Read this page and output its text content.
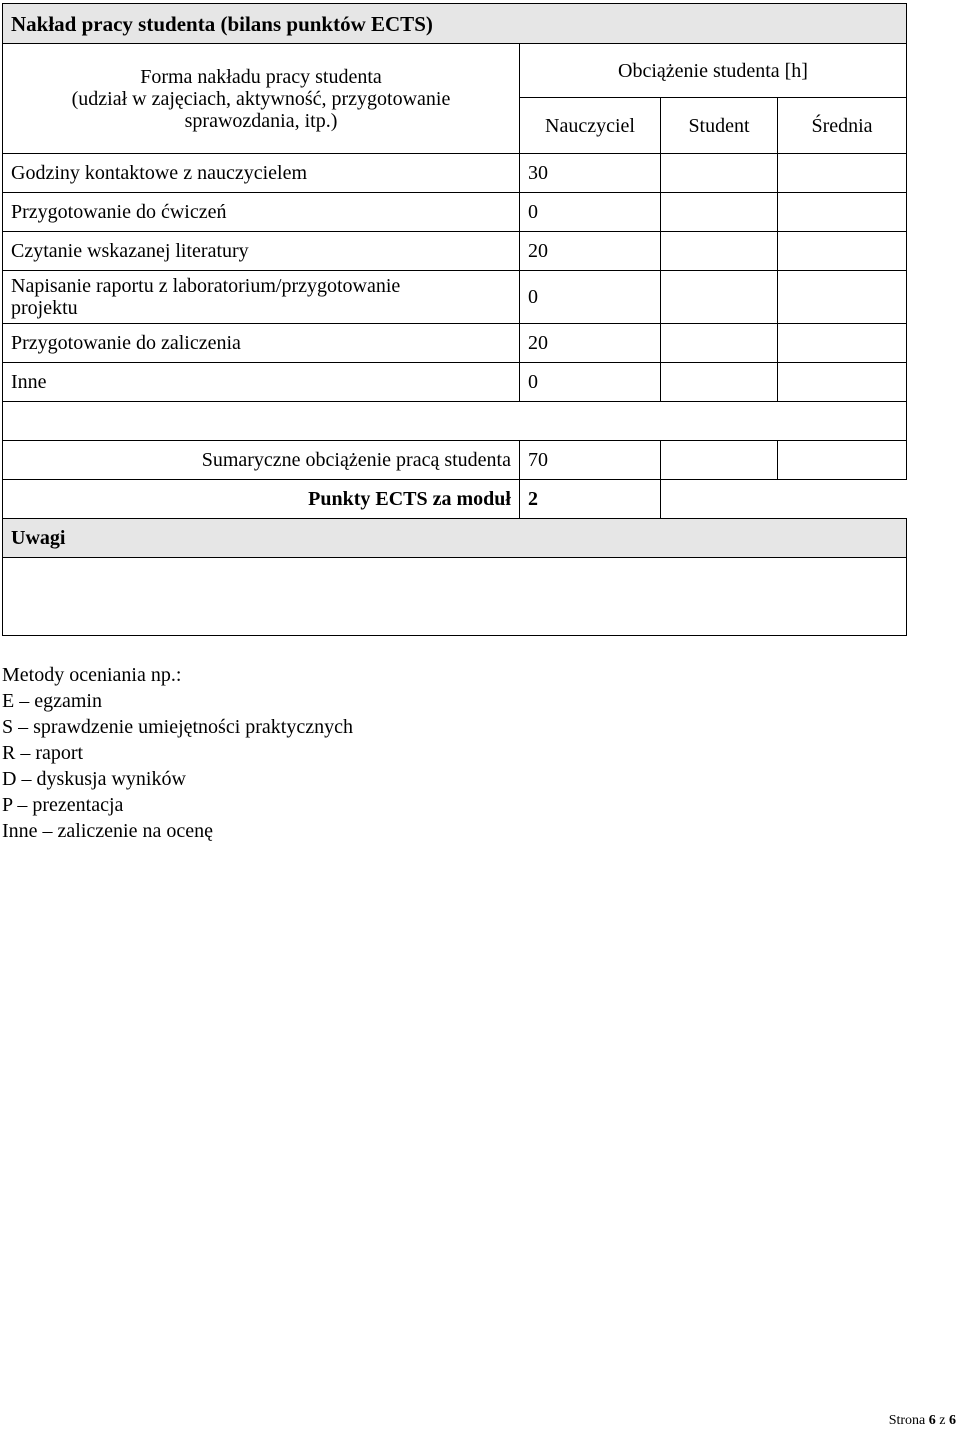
Nakład pracy studenta (bilans punktów ECTS)			

Forma nakładu pracy studenta
(udział w zajęciach, aktywność, przygotowanie
sprawozdania, itp.)	Obciążenie studenta [h]		
	Nauczyciel	Student	Średnia
Godziny kontaktowe z nauczycielem	30		
Przygotowanie do ćwiczeń	0		
Czytanie wskazanej literatury	20		
Napisanie raportu z laboratorium/przygotowanie projektu	0		
Przygotowanie do zaliczenia	20		
Inne	0		

Sumaryczne obciążenie pracą studenta	70		
Punkty ECTS za moduł	2		
Uwagi			

Metody oceniania np.:
E – egzamin
S – sprawdzenie umiejętności praktycznych
R – raport
D – dyskusja wyników
P – prezentacja
Inne – zaliczenie na ocenę
Strona 6 z 6
